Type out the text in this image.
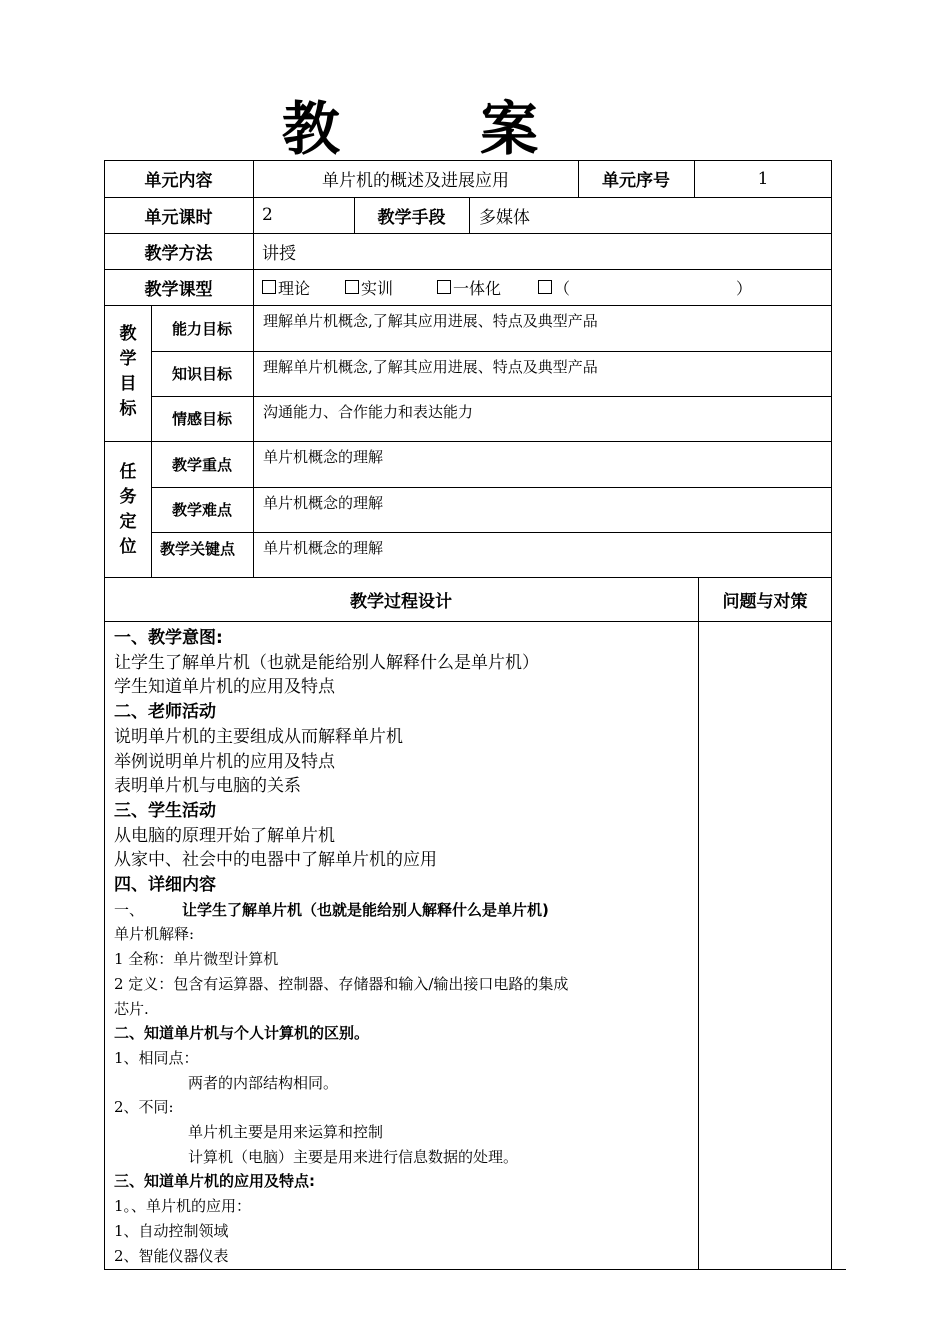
教 案
单元内容	单片机的概述及进展应用	单元序号	1
单元课时	2	教学手段	多媒体
教学方法	讲授
教学课型	理论	实训	一体化	（	）
教
学
目
标
能力目标	理解单片机概念,了解其应用进展、特点及典型产品
知识目标	理解单片机概念,了解其应用进展、特点及典型产品
情感目标	沟通能力、合作能力和表达能力
任
务
定
位
教学重点	单片机概念的理解
教学难点	单片机概念的理解
教学关键点	单片机概念的理解
教学过程设计	问题与对策
一、教学意图:
让学生了解单片机（也就是能给别人解释什么是单片机）
学生知道单片机的应用及特点
二、老师活动
说明单片机的主要组成从而解释单片机
举例说明单片机的应用及特点
表明单片机与电脑的关系
三、学生活动
从电脑的原理开始了解单片机
从家中、社会中的电器中了解单片机的应用
四、详细内容
一、	让学生了解单片机（也就是能给别人解释什么是单片机)
单片机解释:
1 全称：单片微型计算机
2 定义：包含有运算器、控制器、存储器和输入/输出接口电路的集成
芯片.
二、知道单片机与个人计算机的区别。
1、相同点：
两者的内部结构相同。
2、不同:
单片机主要是用来运算和控制
计算机（电脑）主要是用来进行信息数据的处理。
三、知道单片机的应用及特点:
1。、单片机的应用：
1、自动控制领域
2、智能仪器仪表
